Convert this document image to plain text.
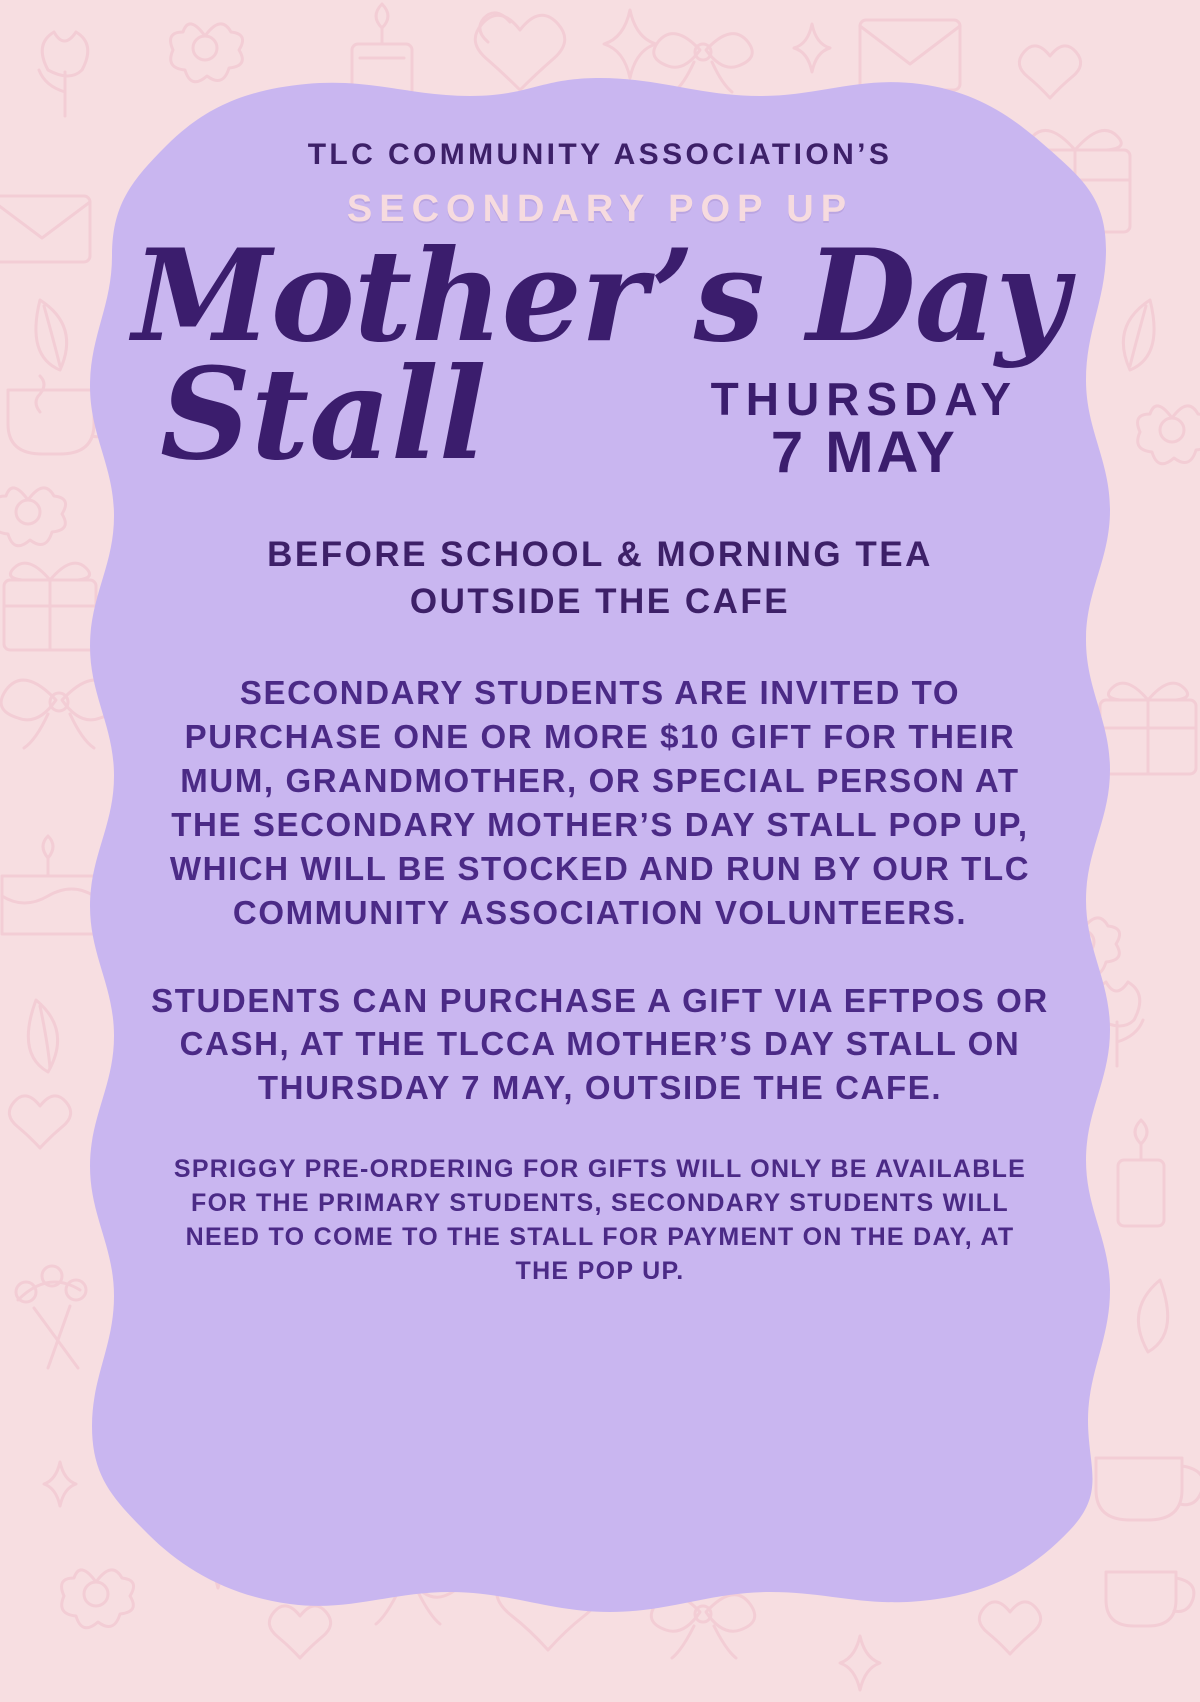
TLC COMMUNITY ASSOCIATION’S
SECONDARY POP UP
Mother’s Day
Stall	THURSDAY
7 MAY
BEFORE SCHOOL & MORNING TEA
OUTSIDE THE CAFE
SECONDARY STUDENTS ARE INVITED TO PURCHASE ONE OR MORE $10 GIFT FOR THEIR MUM, GRANDMOTHER, OR SPECIAL PERSON AT THE SECONDARY MOTHER’S DAY STALL POP UP, WHICH WILL BE STOCKED AND RUN BY OUR TLC COMMUNITY ASSOCIATION VOLUNTEERS.
STUDENTS CAN PURCHASE A GIFT VIA EFTPOS OR CASH, AT THE TLCCA MOTHER’S DAY STALL ON THURSDAY 7 MAY, OUTSIDE THE CAFE.
SPRIGGY PRE-ORDERING FOR GIFTS WILL ONLY BE AVAILABLE FOR THE PRIMARY STUDENTS, SECONDARY STUDENTS WILL NEED TO COME TO THE STALL FOR PAYMENT ON THE DAY, AT THE POP UP.
